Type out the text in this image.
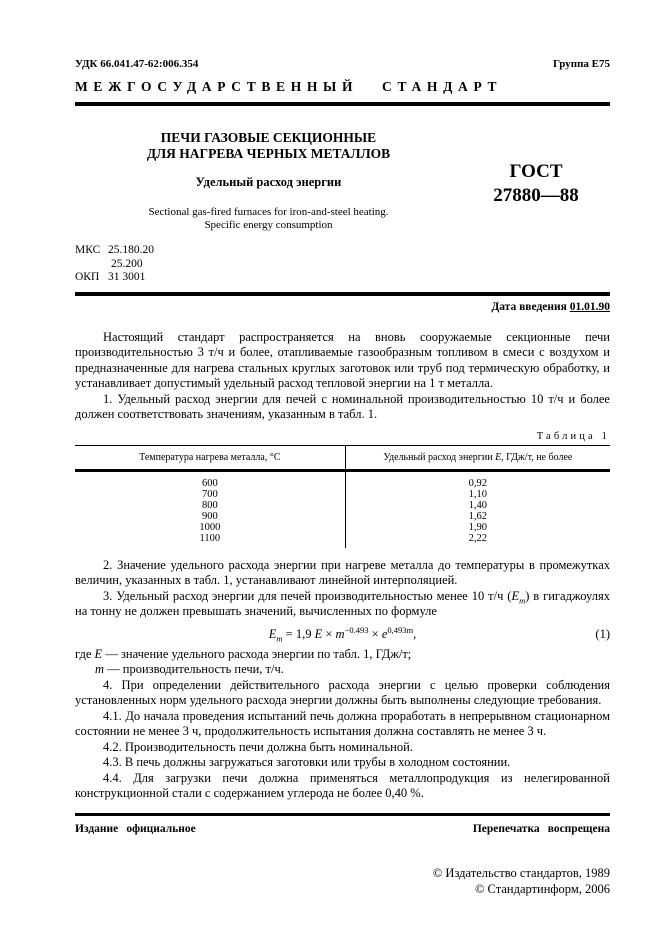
УДК 66.041.47-62:006.354	Группа Е75
МЕЖГОСУДАРСТВЕННЫЙ СТАНДАРТ
ПЕЧИ ГАЗОВЫЕ СЕКЦИОННЫЕ
ДЛЯ НАГРЕВА ЧЕРНЫХ МЕТАЛЛОВ
Удельный расход энергии
Sectional gas-fired furnaces for iron-and-steel heating.
Specific energy consumption
ГОСТ
27880—88
МКС 25.180.20
25.200
ОКП 31 3001
Дата введения 01.01.90

Настоящий стандарт распространяется на вновь сооружаемые секционные печи производительностью 3 т/ч и более, отапливаемые газообразным топливом в смеси с воздухом и предназначенные для нагрева стальных круглых заготовок или труб под термическую обработку, и устанавливает допустимый удельный расход тепловой энергии на 1 т металла.

1. Удельный расход энергии для печей с номинальной производительностью 10 т/ч и более должен соответствовать значениям, указанным в табл. 1.

Таблица 1
Температура нагрева металла, °С	Удельный расход энергии E, ГДж/т, не более
600	0,92
700	1,10
800	1,40
900	1,62
1000	1,90
1100	2,22

2. Значение удельного расхода энергии при нагреве металла до температуры в промежутках величин, указанных в табл. 1, устанавливают линейной интерполяцией.

3. Удельный расход энергии для печей производительностью менее 10 т/ч $(E_m)$ в гигаджоулях на тонну не должен превышать значений, вычисленных по формуле

$E_m = 1,9$ $E \times m^{-0.493} \times e^{0,493m}$,	(1)

где E — значение удельного расхода энергии по табл. 1, ГДж/т;

m — производительность печи, т/ч.

4. При определении действительного расхода энергии с целью проверки соблюдения установленных норм удельного расхода энергии должны быть выполнены следующие требования.

4.1. До начала проведения испытаний печь должна проработать в непрерывном стационарном состоянии не менее 3 ч, продолжительность испытания должна составлять не менее 3 ч.

4.2. Производительность печи должна быть номинальной.

4.3. В печь должны загружаться заготовки или трубы в холодном состоянии.

4.4. Для загрузки печи должна применяться металлопродукция из нелегированной конструкционной стали с содержанием углерода не более 0,40 %.

Издание официальное	Перепечатка воспрещена
© Издательство стандартов, 1989
© Стандартинформ, 2006
